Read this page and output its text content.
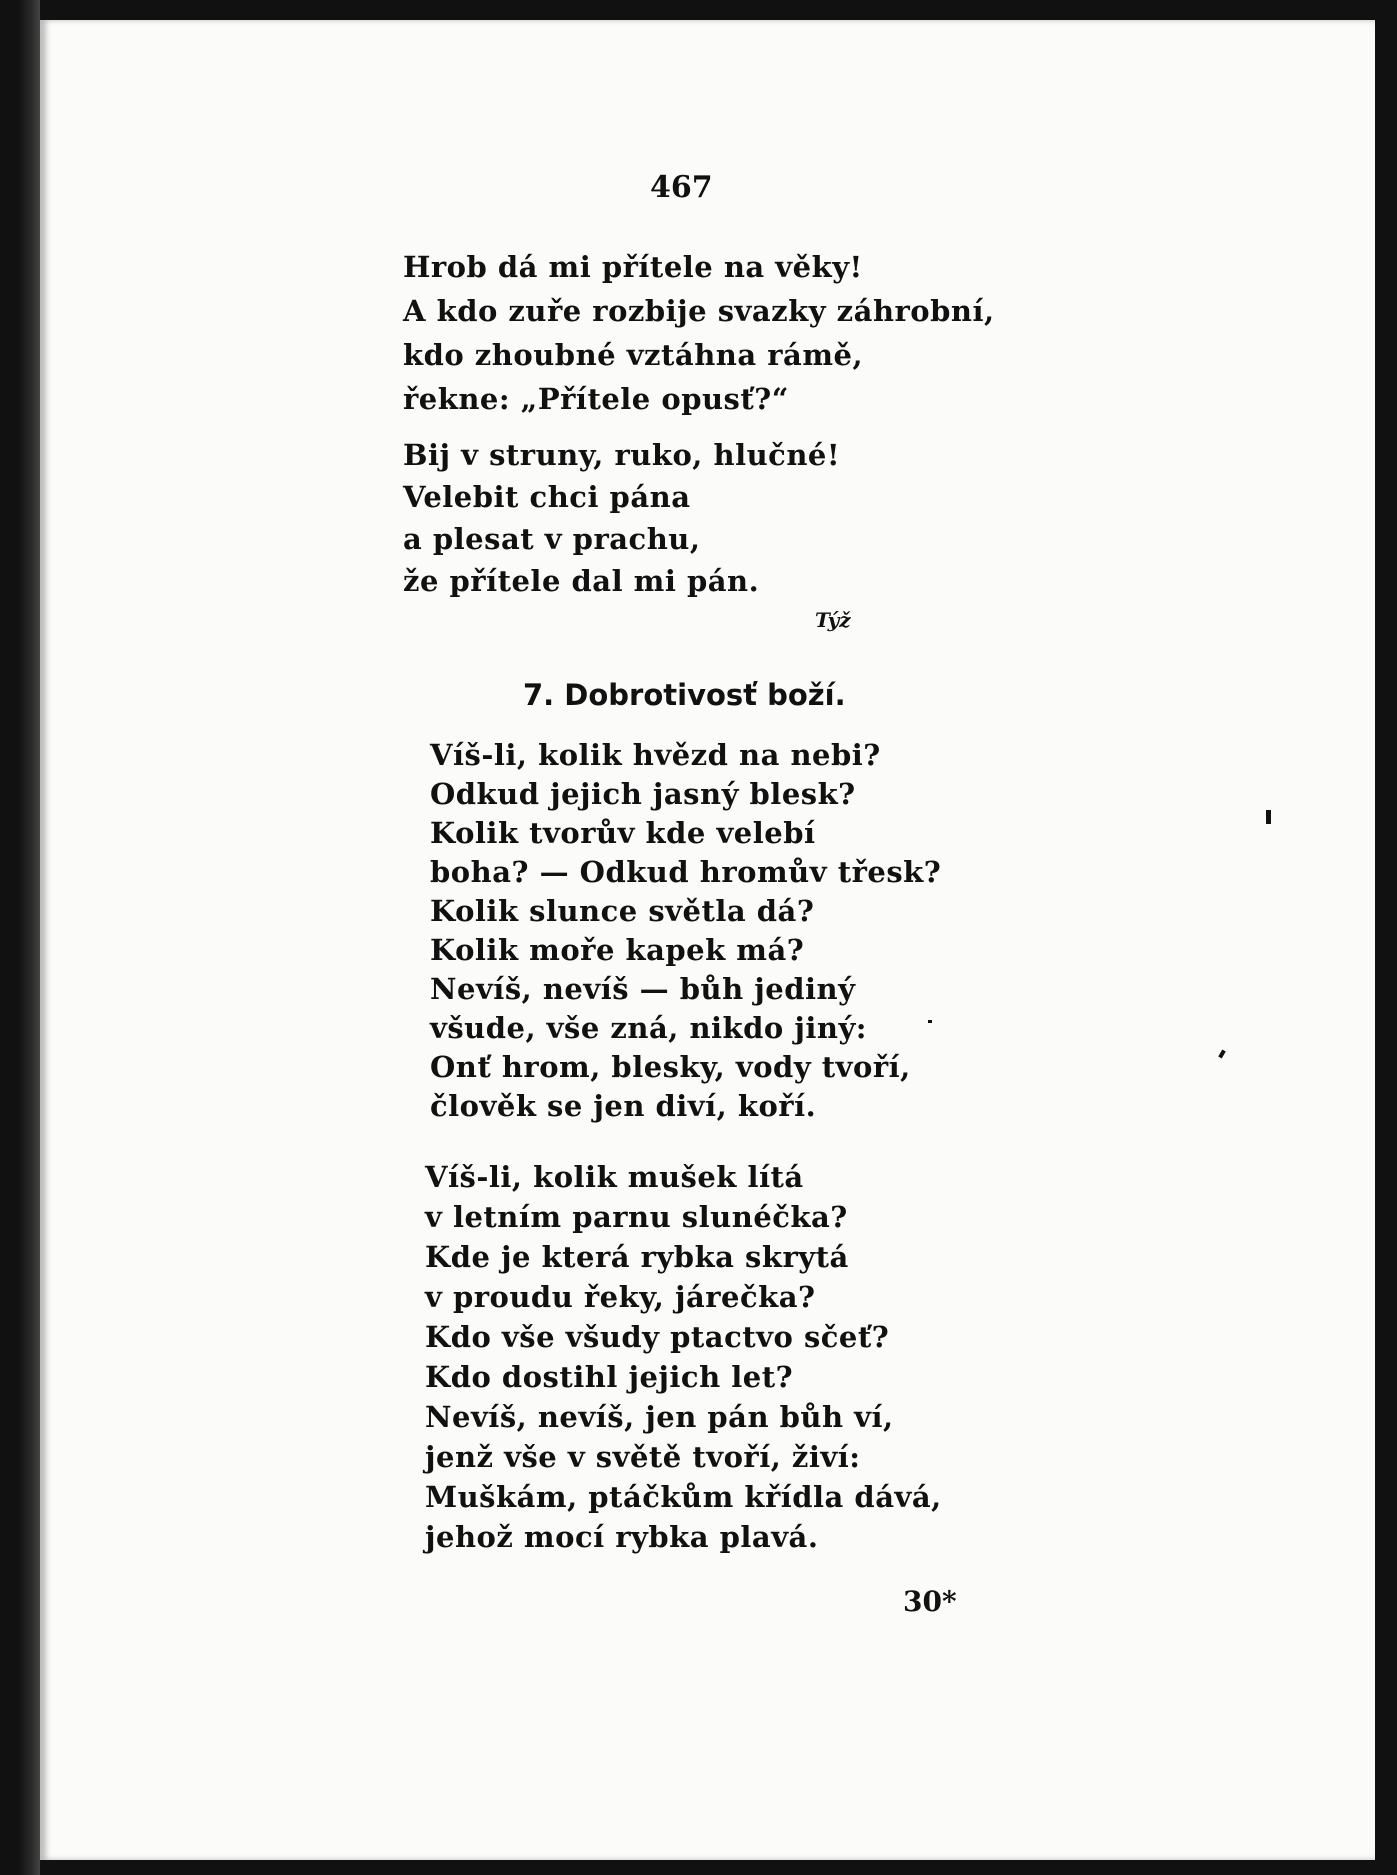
467
Hrob dá mi přítele na věky!
A kdo zuře rozbije svazky záhrobní,
kdo zhoubné vztáhna rámě,
řekne: „Přítele opusť?“
Bij v struny, ruko, hlučné!
Velebit chci pána
a plesat v prachu,
že přítele dal mi pán.
Týž
7. Dobrotivosť boží.
Víš-li, kolik hvězd na nebi?
Odkud jejich jasný blesk?
Kolik tvorův kde velebí
boha? — Odkud hromův třesk?
Kolik slunce světla dá?
Kolik moře kapek má?
Nevíš, nevíš — bůh jediný
všude, vše zná, nikdo jiný:
Onť hrom, blesky, vody tvoří,
člověk se jen diví, koří.
Víš-li, kolik mušek lítá
v letním parnu slunéčka?
Kde je která rybka skrytá
v proudu řeky, járečka?
Kdo vše všudy ptactvo sčeť?
Kdo dostihl jejich let?
Nevíš, nevíš, jen pán bůh ví,
jenž vše v světě tvoří, živí:
Muškám, ptáčkům křídla dává,
jehož mocí rybka plavá.
30*
